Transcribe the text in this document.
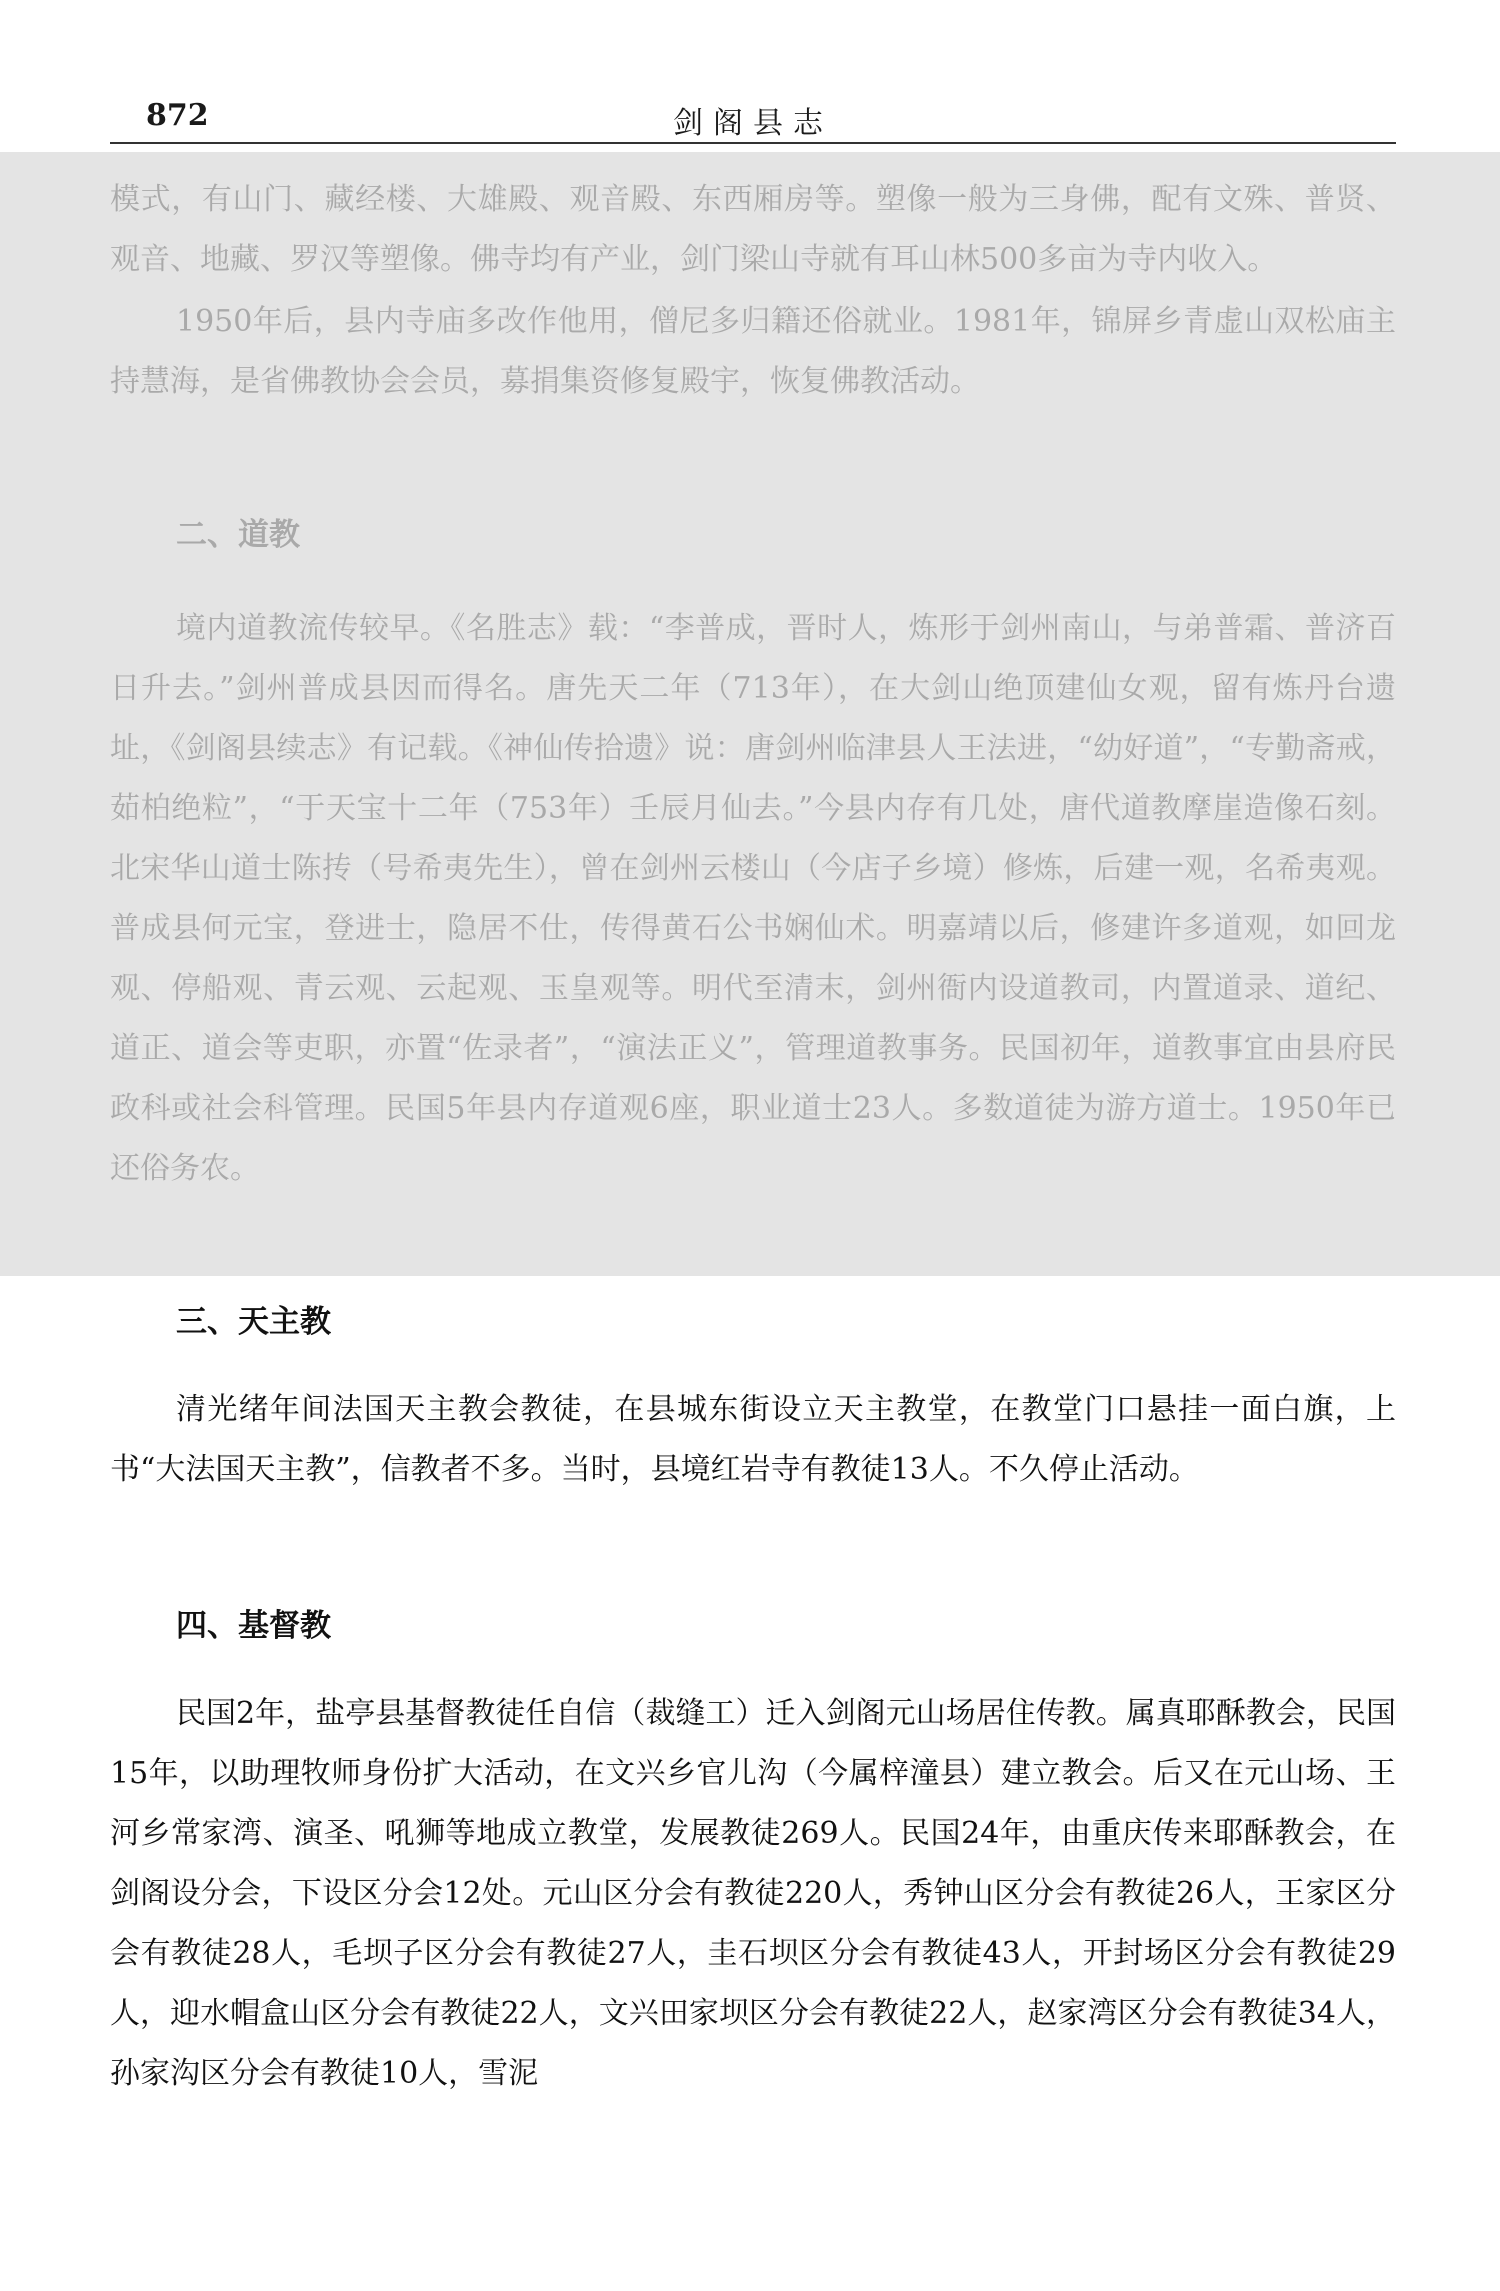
872	剑阁县志

模式，有山门、藏经楼、大雄殿、观音殿、东西厢房等。塑像一般为三身佛，配有文殊、普贤、观音、地藏、罗汉等塑像。佛寺均有产业，剑门梁山寺就有耳山林500多亩为寺内收入。

1950年后，县内寺庙多改作他用，僧尼多归籍还俗就业。1981年，锦屏乡青虚山双松庙主持慧海，是省佛教协会会员，募捐集资修复殿宇，恢复佛教活动。

二、道教

境内道教流传较早。《名胜志》载：“李普成，晋时人，炼形于剑州南山，与弟普霜、普济百日升去。”剑州普成县因而得名。唐先天二年（713年），在大剑山绝顶建仙女观，留有炼丹台遗址，《剑阁县续志》有记载。《神仙传拾遗》说：唐剑州临津县人王法进，“幼好道”，“专勤斋戒，茹柏绝粒”，“于天宝十二年（753年）壬辰月仙去。”今县内存有几处，唐代道教摩崖造像石刻。北宋华山道士陈抟（号希夷先生），曾在剑州云楼山（今店子乡境）修炼，后建一观，名希夷观。普成县何元宝，登进士，隐居不仕，传得黄石公书娴仙术。明嘉靖以后，修建许多道观，如回龙观、停船观、青云观、云起观、玉皇观等。明代至清末，剑州衙内设道教司，内置道录、道纪、道正、道会等吏职，亦置“佐录者”，“演法正义”，管理道教事务。民国初年，道教事宜由县府民政科或社会科管理。民国5年县内存道观6座，职业道士23人。多数道徒为游方道士。1950年已还俗务农。

三、天主教

清光绪年间法国天主教会教徒，在县城东街设立天主教堂，在教堂门口悬挂一面白旗，上书“大法国天主教”，信教者不多。当时，县境红岩寺有教徒13人。不久停止活动。

四、基督教

民国2年，盐亭县基督教徒任自信（裁缝工）迁入剑阁元山场居住传教。属真耶酥教会，民国15年，以助理牧师身份扩大活动，在文兴乡官儿沟（今属梓潼县）建立教会。后又在元山场、王河乡常家湾、演圣、吼狮等地成立教堂，发展教徒269人。民国24年，由重庆传来耶酥教会，在剑阁设分会，下设区分会12处。元山区分会有教徒220人，秀钟山区分会有教徒26人，王家区分会有教徒28人，毛坝子区分会有教徒27人，圭石坝区分会有教徒43人，开封场区分会有教徒29人，迎水帽盒山区分会有教徒22人，文兴田家坝区分会有教徒22人，赵家湾区分会有教徒34人，孙家沟区分会有教徒10人，雪泥
